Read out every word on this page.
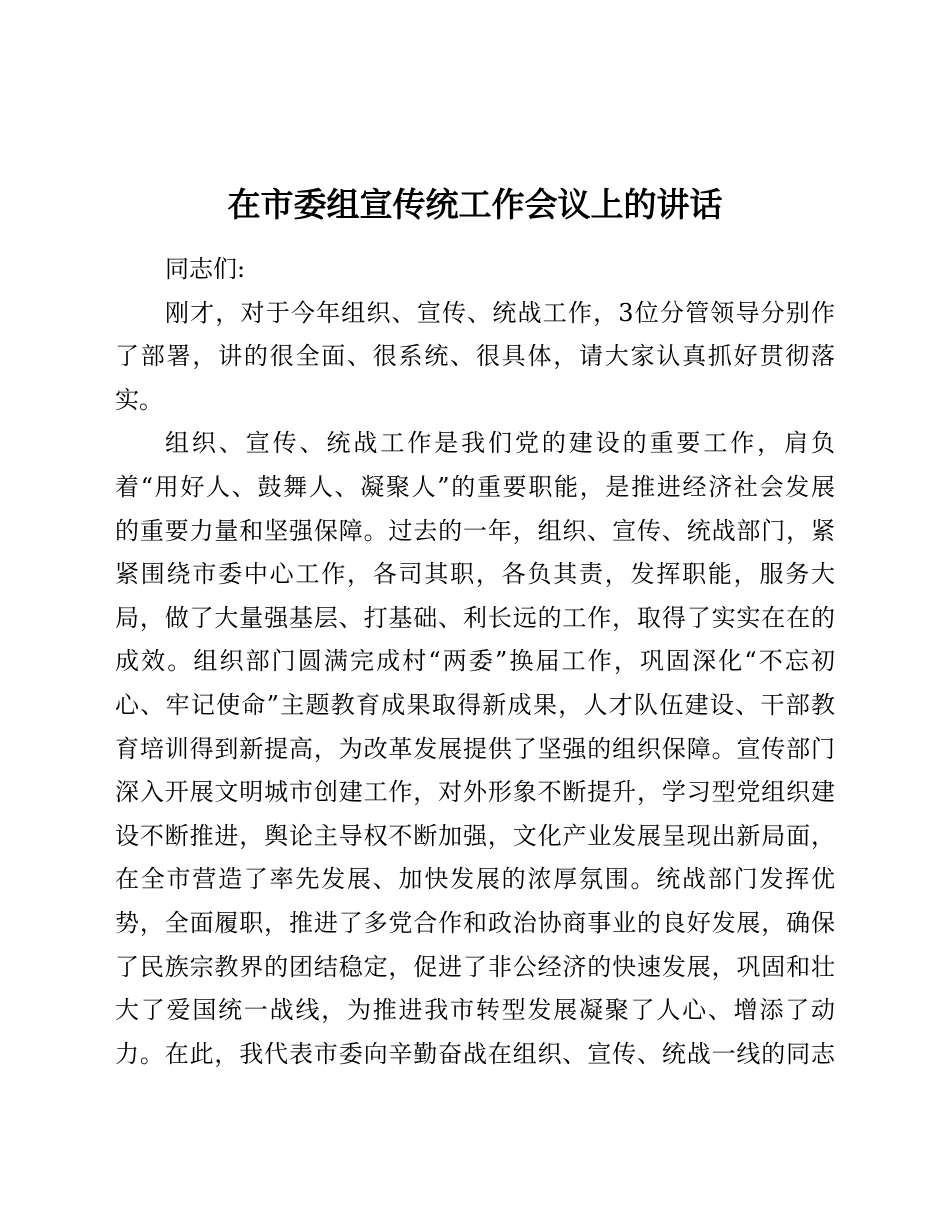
在市委组宣传统工作会议上的讲话
同志们:
刚才，对于今年组织、宣传、统战工作，3位分管领导分别作
了部署，讲的很全面、很系统、很具体，请大家认真抓好贯彻落
实。
组织、宣传、统战工作是我们党的建设的重要工作，肩负
着“用好人、鼓舞人、凝聚人”的重要职能，是推进经济社会发展
的重要力量和坚强保障。过去的一年，组织、宣传、统战部门，紧
紧围绕市委中心工作，各司其职，各负其责，发挥职能，服务大
局，做了大量强基层、打基础、利长远的工作，取得了实实在在的
成效。组织部门圆满完成村“两委”换届工作，巩固深化“不忘初
心、牢记使命”主题教育成果取得新成果，人才队伍建设、干部教
育培训得到新提高，为改革发展提供了坚强的组织保障。宣传部门
深入开展文明城市创建工作，对外形象不断提升，学习型党组织建
设不断推进，舆论主导权不断加强，文化产业发展呈现出新局面，
在全市营造了率先发展、加快发展的浓厚氛围。统战部门发挥优
势，全面履职，推进了多党合作和政治协商事业的良好发展，确保
了民族宗教界的团结稳定，促进了非公经济的快速发展，巩固和壮
大了爱国统一战线，为推进我市转型发展凝聚了人心、增添了动
力。在此，我代表市委向辛勤奋战在组织、宣传、统战一线的同志
